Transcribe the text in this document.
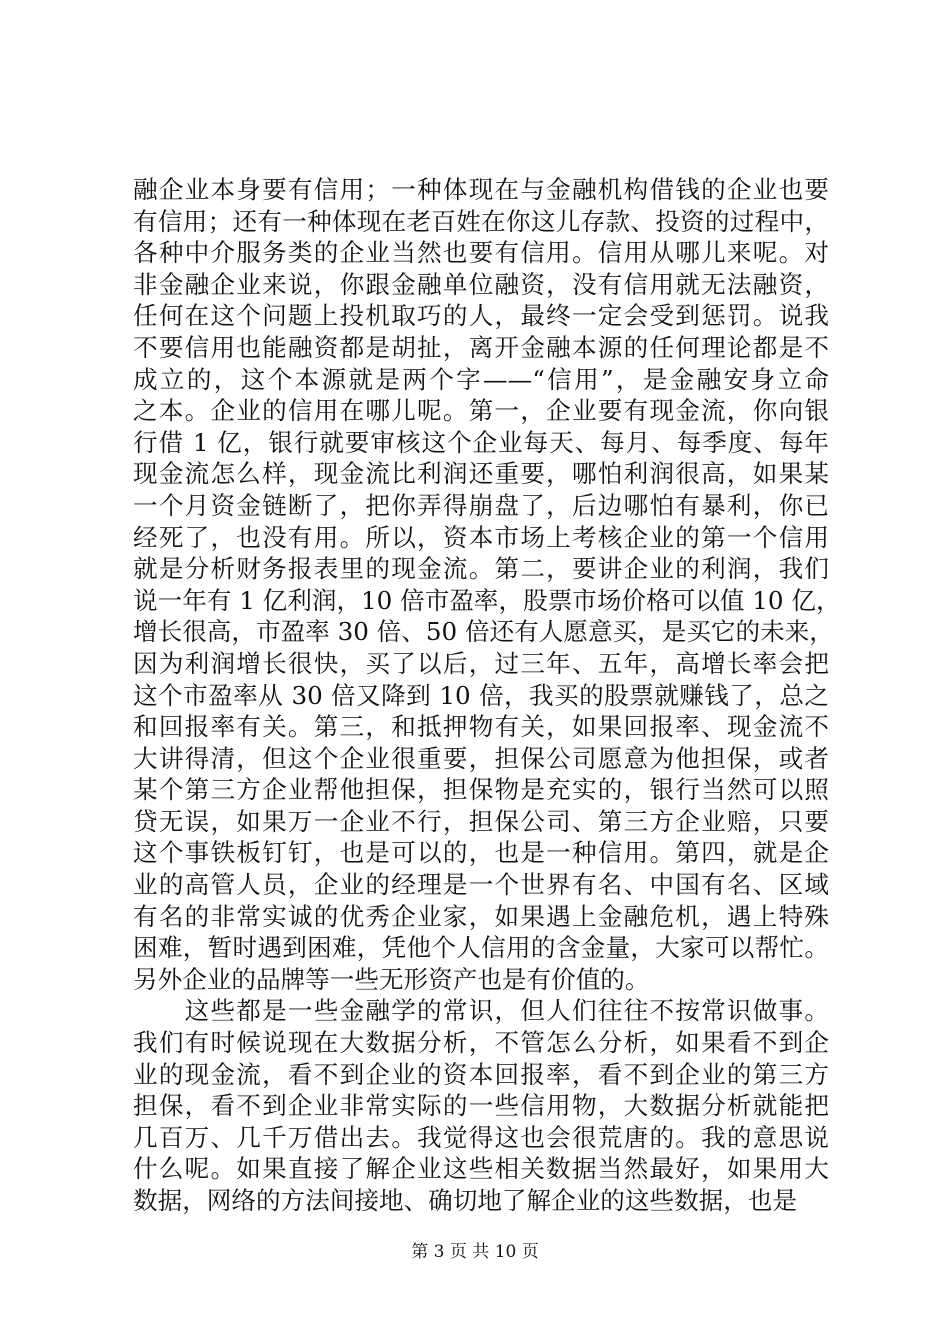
融企业本身要有信用；一种体现在与金融机构借钱的企业也要
有信用；还有一种体现在老百姓在你这儿存款、投资的过程中，
各种中介服务类的企业当然也要有信用。信用从哪儿来呢。对
非金融企业来说，你跟金融单位融资，没有信用就无法融资，
任何在这个问题上投机取巧的人，最终一定会受到惩罚。说我
不要信用也能融资都是胡扯，离开金融本源的任何理论都是不
成立的，这个本源就是两个字——“信用”，是金融安身立命
之本。企业的信用在哪儿呢。第一，企业要有现金流，你向银
行借 1 亿，银行就要审核这个企业每天、每月、每季度、每年
现金流怎么样，现金流比利润还重要，哪怕利润很高，如果某
一个月资金链断了，把你弄得崩盘了，后边哪怕有暴利，你已
经死了，也没有用。所以，资本市场上考核企业的第一个信用
就是分析财务报表里的现金流。第二，要讲企业的利润，我们
说一年有 1 亿利润，10 倍市盈率，股票市场价格可以值 10 亿，
增长很高，市盈率 30 倍、50 倍还有人愿意买，是买它的未来，
因为利润增长很快，买了以后，过三年、五年，高增长率会把
这个市盈率从 30 倍又降到 10 倍，我买的股票就赚钱了，总之
和回报率有关。第三，和抵押物有关，如果回报率、现金流不
大讲得清，但这个企业很重要，担保公司愿意为他担保，或者
某个第三方企业帮他担保，担保物是充实的，银行当然可以照
贷无误，如果万一企业不行，担保公司、第三方企业赔，只要
这个事铁板钉钉，也是可以的，也是一种信用。第四，就是企
业的高管人员，企业的经理是一个世界有名、中国有名、区域
有名的非常实诚的优秀企业家，如果遇上金融危机，遇上特殊
困难，暂时遇到困难，凭他个人信用的含金量，大家可以帮忙。
另外企业的品牌等一些无形资产也是有价值的。
　　这些都是一些金融学的常识，但人们往往不按常识做事。
我们有时候说现在大数据分析，不管怎么分析，如果看不到企
业的现金流，看不到企业的资本回报率，看不到企业的第三方
担保，看不到企业非常实际的一些信用物，大数据分析就能把
几百万、几千万借出去。我觉得这也会很荒唐的。我的意思说
什么呢。如果直接了解企业这些相关数据当然最好，如果用大
数据，网络的方法间接地、确切地了解企业的这些数据，也是
第 3 页 共 10 页
